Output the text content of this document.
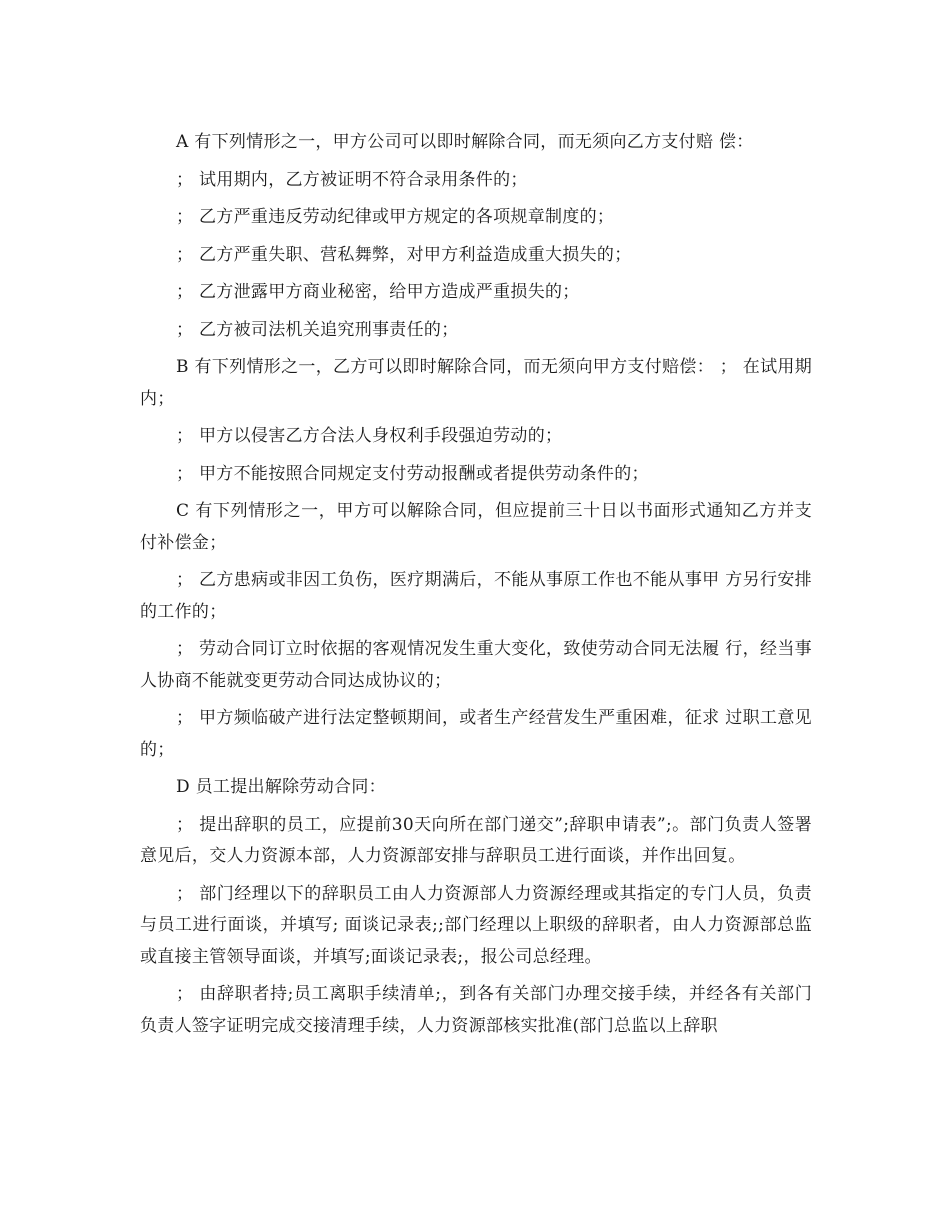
A 有下列情形之一，甲方公司可以即时解除合同，而无须向乙方支付赔 偿：

； 试用期内，乙方被证明不符合录用条件的；

； 乙方严重违反劳动纪律或甲方规定的各项规章制度的；

； 乙方严重失职、营私舞弊，对甲方利益造成重大损失的；

； 乙方泄露甲方商业秘密，给甲方造成严重损失的；

； 乙方被司法机关追究刑事责任的；

B 有下列情形之一，乙方可以即时解除合同，而无须向甲方支付赔偿： ； 在试用期内；

； 甲方以侵害乙方合法人身权利手段强迫劳动的；

； 甲方不能按照合同规定支付劳动报酬或者提供劳动条件的；

C 有下列情形之一，甲方可以解除合同，但应提前三十日以书面形式通知乙方并支付补偿金；

； 乙方患病或非因工负伤，医疗期满后，不能从事原工作也不能从事甲 方另行安排的工作的；

； 劳动合同订立时依据的客观情况发生重大变化，致使劳动合同无法履 行，经当事人协商不能就变更劳动合同达成协议的；

； 甲方频临破产进行法定整顿期间，或者生产经营发生严重困难，征求 过职工意见的；

D 员工提出解除劳动合同：

； 提出辞职的员工，应提前30天向所在部门递交”;辞职申请表”;。部门负责人签署意见后，交人力资源本部，人力资源部安排与辞职员工进行面谈，并作出回复。

； 部门经理以下的辞职员工由人力资源部人力资源经理或其指定的专门人员，负责与员工进行面谈，并填写; 面谈记录表;;部门经理以上职级的辞职者，由人力资源部总监或直接主管领导面谈，并填写;面谈记录表;，报公司总经理。

； 由辞职者持;员工离职手续清单;，到各有关部门办理交接手续，并经各有关部门负责人签字证明完成交接清理手续，人力资源部核实批准(部门总监以上辞职
